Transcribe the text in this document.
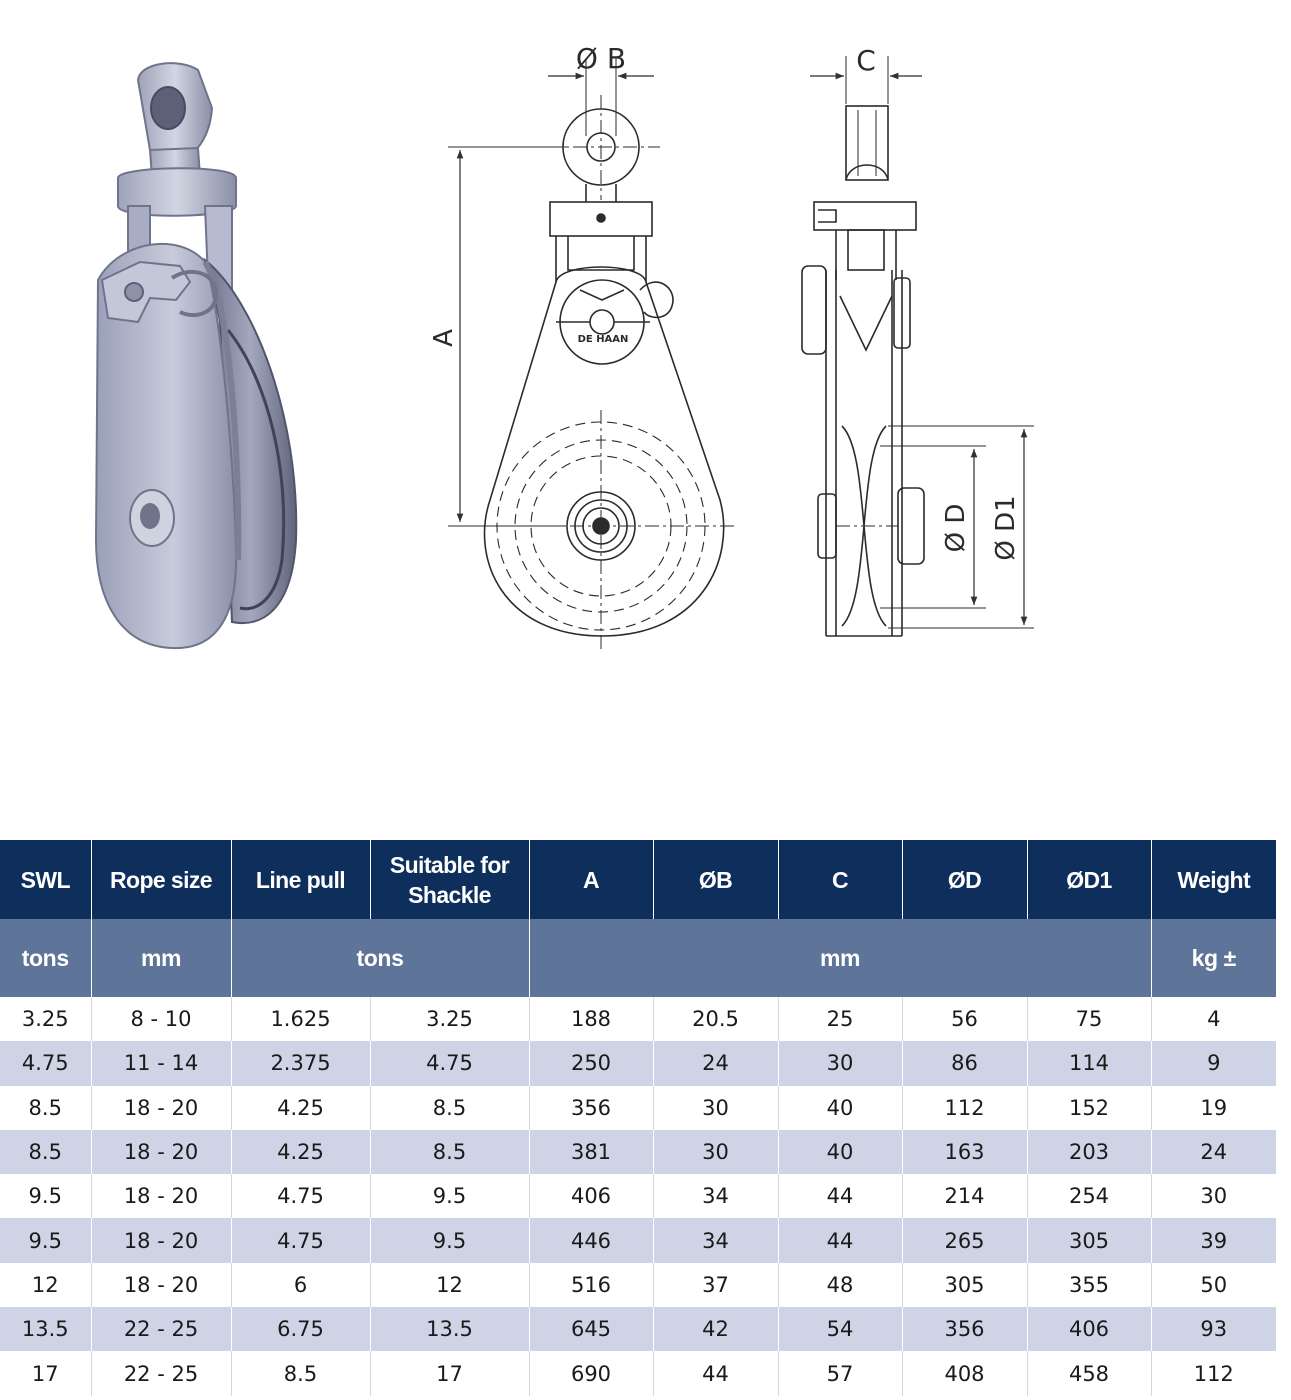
DE HAAN
Ø B
A
C
Ø D Ø D1
SWL	Rope size	Line pull	Suitable for Shackle	A	ØB	C	ØD	ØD1	Weight
tons	mm	tons		mm					kg ±
3.25	8 - 10	1.625	3.25	188	20.5	25	56	75	4
4.75	11 - 14	2.375	4.75	250	24	30	86	114	9
8.5	18 - 20	4.25	8.5	356	30	40	112	152	19
8.5	18 - 20	4.25	8.5	381	30	40	163	203	24
9.5	18 - 20	4.75	9.5	406	34	44	214	254	30
9.5	18 - 20	4.75	9.5	446	34	44	265	305	39
12	18 - 20	6	12	516	37	48	305	355	50
13.5	22 - 25	6.75	13.5	645	42	54	356	406	93
17	22 - 25	8.5	17	690	44	57	408	458	112
